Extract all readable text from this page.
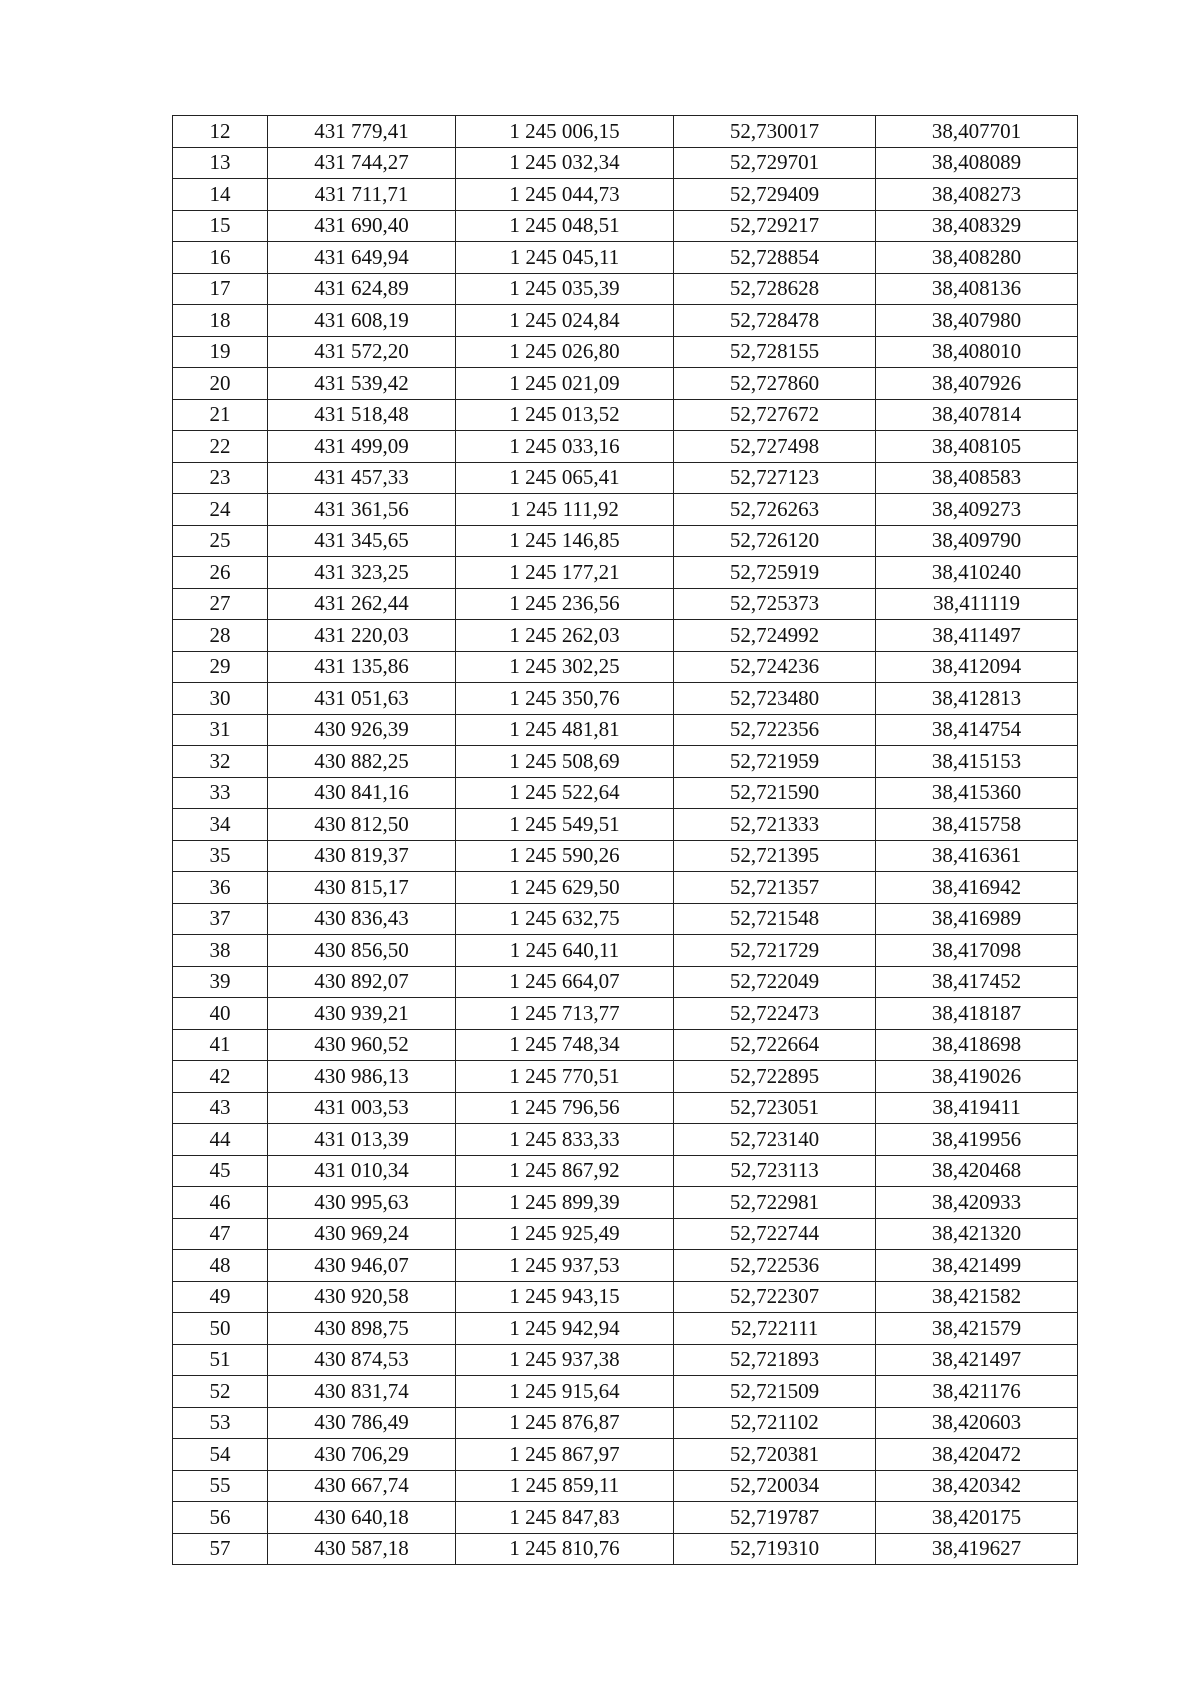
12	431 779,41	1 245 006,15	52,730017	38,407701
13	431 744,27	1 245 032,34	52,729701	38,408089
14	431 711,71	1 245 044,73	52,729409	38,408273
15	431 690,40	1 245 048,51	52,729217	38,408329
16	431 649,94	1 245 045,11	52,728854	38,408280
17	431 624,89	1 245 035,39	52,728628	38,408136
18	431 608,19	1 245 024,84	52,728478	38,407980
19	431 572,20	1 245 026,80	52,728155	38,408010
20	431 539,42	1 245 021,09	52,727860	38,407926
21	431 518,48	1 245 013,52	52,727672	38,407814
22	431 499,09	1 245 033,16	52,727498	38,408105
23	431 457,33	1 245 065,41	52,727123	38,408583
24	431 361,56	1 245 111,92	52,726263	38,409273
25	431 345,65	1 245 146,85	52,726120	38,409790
26	431 323,25	1 245 177,21	52,725919	38,410240
27	431 262,44	1 245 236,56	52,725373	38,411119
28	431 220,03	1 245 262,03	52,724992	38,411497
29	431 135,86	1 245 302,25	52,724236	38,412094
30	431 051,63	1 245 350,76	52,723480	38,412813
31	430 926,39	1 245 481,81	52,722356	38,414754
32	430 882,25	1 245 508,69	52,721959	38,415153
33	430 841,16	1 245 522,64	52,721590	38,415360
34	430 812,50	1 245 549,51	52,721333	38,415758
35	430 819,37	1 245 590,26	52,721395	38,416361
36	430 815,17	1 245 629,50	52,721357	38,416942
37	430 836,43	1 245 632,75	52,721548	38,416989
38	430 856,50	1 245 640,11	52,721729	38,417098
39	430 892,07	1 245 664,07	52,722049	38,417452
40	430 939,21	1 245 713,77	52,722473	38,418187
41	430 960,52	1 245 748,34	52,722664	38,418698
42	430 986,13	1 245 770,51	52,722895	38,419026
43	431 003,53	1 245 796,56	52,723051	38,419411
44	431 013,39	1 245 833,33	52,723140	38,419956
45	431 010,34	1 245 867,92	52,723113	38,420468
46	430 995,63	1 245 899,39	52,722981	38,420933
47	430 969,24	1 245 925,49	52,722744	38,421320
48	430 946,07	1 245 937,53	52,722536	38,421499
49	430 920,58	1 245 943,15	52,722307	38,421582
50	430 898,75	1 245 942,94	52,722111	38,421579
51	430 874,53	1 245 937,38	52,721893	38,421497
52	430 831,74	1 245 915,64	52,721509	38,421176
53	430 786,49	1 245 876,87	52,721102	38,420603
54	430 706,29	1 245 867,97	52,720381	38,420472
55	430 667,74	1 245 859,11	52,720034	38,420342
56	430 640,18	1 245 847,83	52,719787	38,420175
57	430 587,18	1 245 810,76	52,719310	38,419627
